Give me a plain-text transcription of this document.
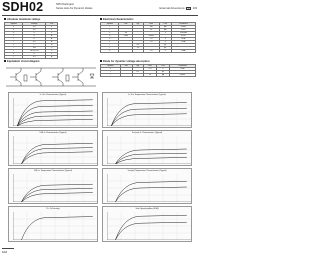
SDH02	NPN Darlington
Series tests for Dynamic diodes	External dimensions	SK	103
Absolute maximum ratings
Symbol	Ratings	Unit
V	60	V
V	60	V
V	6	V
I	4	A
I	6	A
I	0.5	A
P	2	W
T	150	°C
T	-40 to 150	°C
V	6	V
I	0.5	A
Electrical characteristics
Symbol	min	typ	max	Unit	Conditions
I			100	μA	V=60V
I			10	μA	V=6V
V	60			V	I=10mA
h	2000		20000		V=4V
V			1.5	V	I=2A
V			2.0	V	I=2A
t		0.4		μs	
t		1.0		μs	
V			2.0	V	I=4A
Equivalent circuit diagram	Diode for dynamic voltage absorption
Symbol	min	typ	max	Unit	Conditions
V			2.0	V	I=2A
t		0.2		μs	
I			10	μA	V=60V
Ic–Vce Characteristics (Typical)	Ic–Vce Temperature Characteristics (Typical)
hFE–Ic Characteristics (Typical)	Vce(sat)–Ic Characteristics (Typical)
hFE–Ic Temperature Characteristics (Typical)	Vce(sat) Temperature Characteristics (Typical)
Pc–Ta Derating	Safe Operating Area (SOA)
102
